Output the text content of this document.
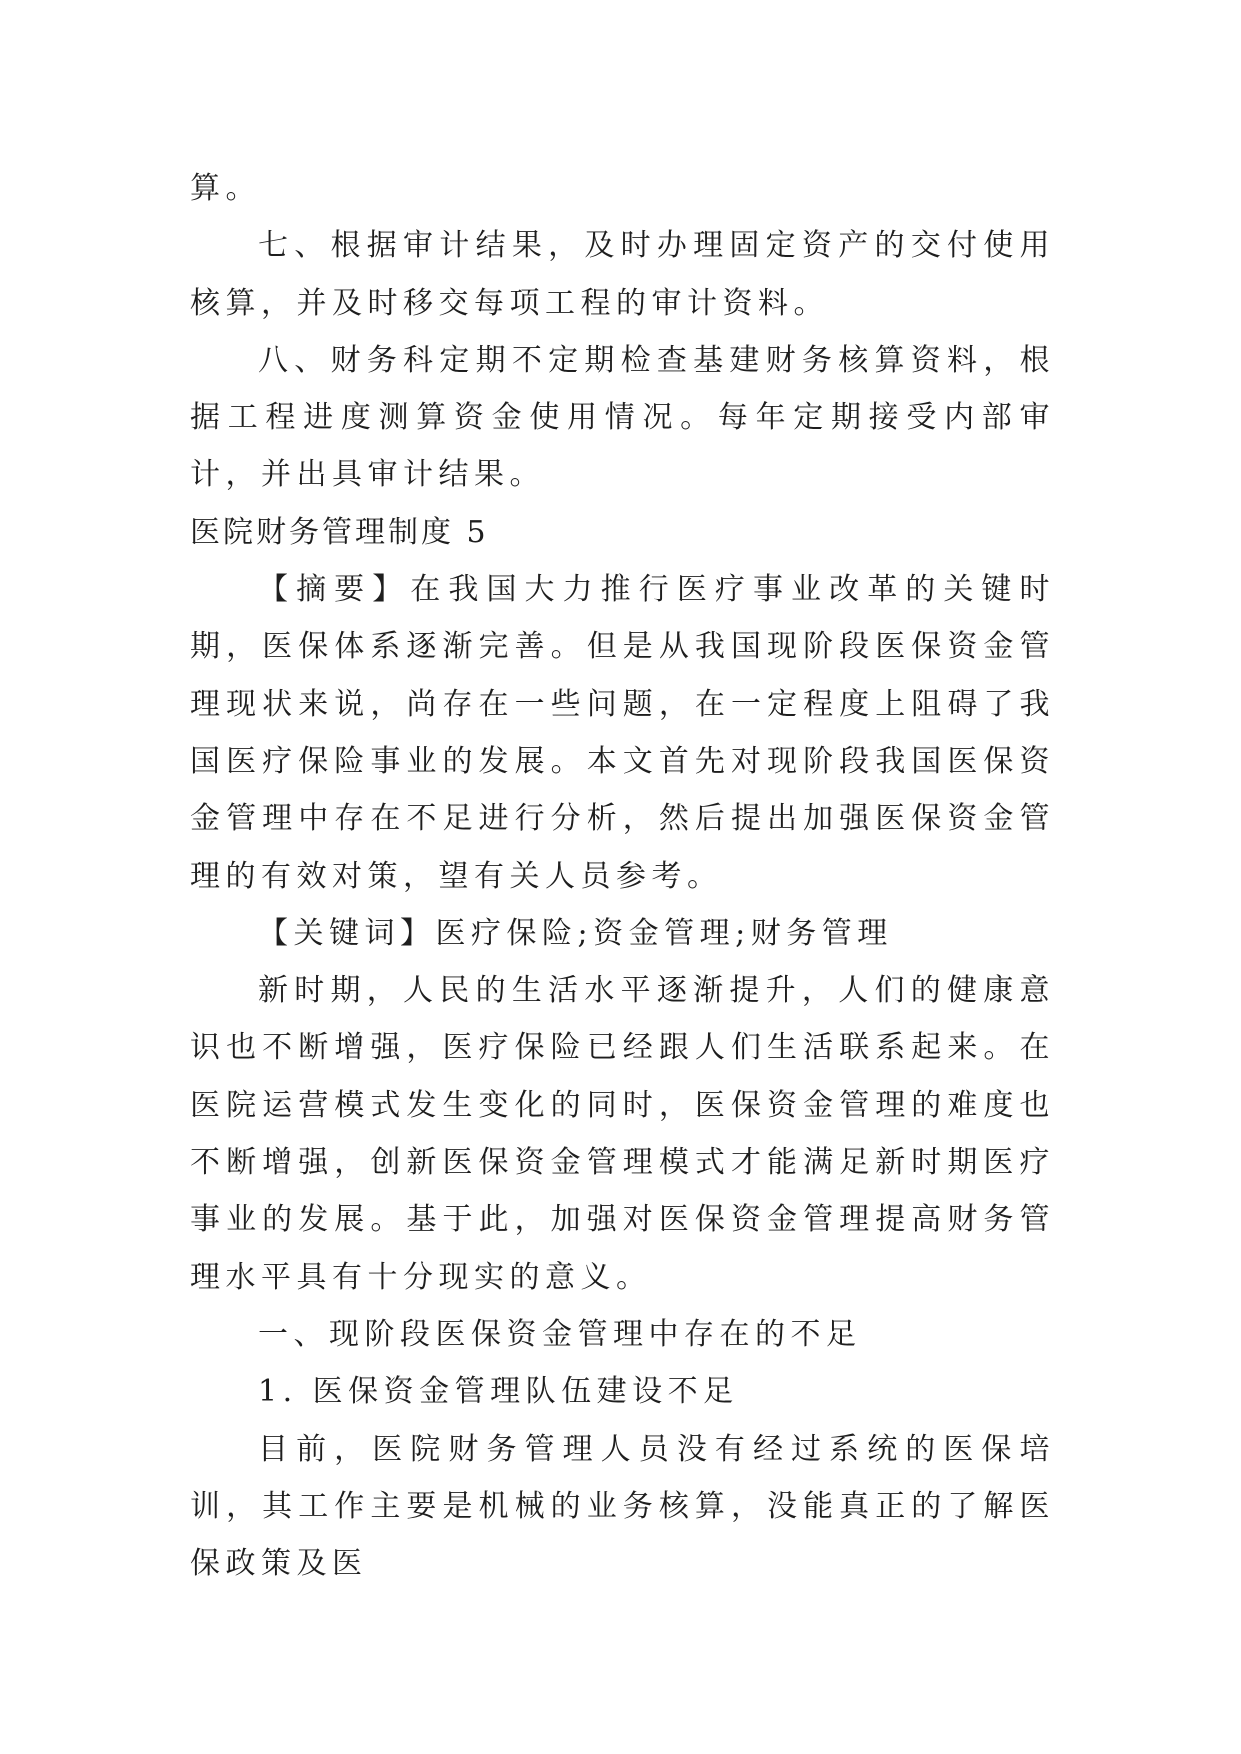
算。

七、根据审计结果，及时办理固定资产的交付使用核算，并及时移交每项工程的审计资料。

八、财务科定期不定期检查基建财务核算资料，根据工程进度测算资金使用情况。每年定期接受内部审计，并出具审计结果。

医院财务管理制度 5

【摘要】在我国大力推行医疗事业改革的关键时期，医保体系逐渐完善。但是从我国现阶段医保资金管理现状来说，尚存在一些问题，在一定程度上阻碍了我国医疗保险事业的发展。本文首先对现阶段我国医保资金管理中存在不足进行分析，然后提出加强医保资金管理的有效对策，望有关人员参考。

【关键词】医疗保险;资金管理;财务管理

新时期，人民的生活水平逐渐提升，人们的健康意识也不断增强，医疗保险已经跟人们生活联系起来。在医院运营模式发生变化的同时，医保资金管理的难度也不断增强，创新医保资金管理模式才能满足新时期医疗事业的发展。基于此，加强对医保资金管理提高财务管理水平具有十分现实的意义。

一、现阶段医保资金管理中存在的不足

1. 医保资金管理队伍建设不足

目前，医院财务管理人员没有经过系统的医保培训，其工作主要是机械的业务核算，没能真正的了解医保政策及医
